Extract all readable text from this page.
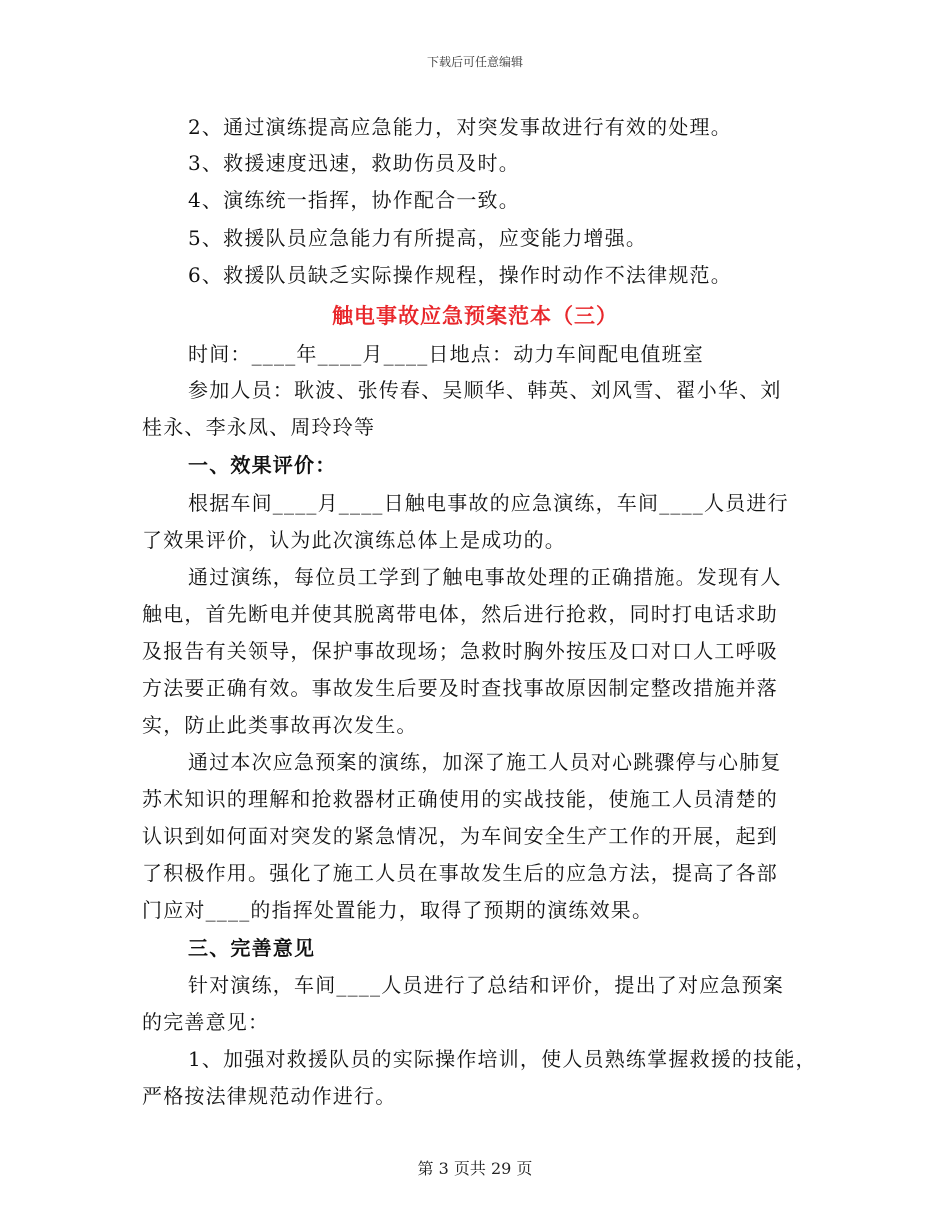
下载后可任意编辑
2、通过演练提高应急能力，对突发事故进行有效的处理。
3、救援速度迅速，救助伤员及时。
4、演练统一指挥，协作配合一致。
5、救援队员应急能力有所提高，应变能力增强。
6、救援队员缺乏实际操作规程，操作时动作不法律规范。
触电事故应急预案范本（三）
时间：____年____月____日地点：动力车间配电值班室
参加人员：耿波、张传春、吴顺华、韩英、刘风雪、翟小华、刘
桂永、李永凤、周玲玲等
一、效果评价：
根据车间____月____日触电事故的应急演练，车间____人员进行
了效果评价，认为此次演练总体上是成功的。
通过演练，每位员工学到了触电事故处理的正确措施。发现有人
触电，首先断电并使其脱离带电体，然后进行抢救，同时打电话求助
及报告有关领导，保护事故现场；急救时胸外按压及口对口人工呼吸
方法要正确有效。事故发生后要及时查找事故原因制定整改措施并落
实，防止此类事故再次发生。
通过本次应急预案的演练，加深了施工人员对心跳骤停与心肺复
苏术知识的理解和抢救器材正确使用的实战技能，使施工人员清楚的
认识到如何面对突发的紧急情况，为车间安全生产工作的开展，起到
了积极作用。强化了施工人员在事故发生后的应急方法，提高了各部
门应对____的指挥处置能力，取得了预期的演练效果。
三、完善意见
针对演练，车间____人员进行了总结和评价，提出了对应急预案
的完善意见：
1、加强对救援队员的实际操作培训，使人员熟练掌握救援的技能，
严格按法律规范动作进行。
第 3 页共 29 页
